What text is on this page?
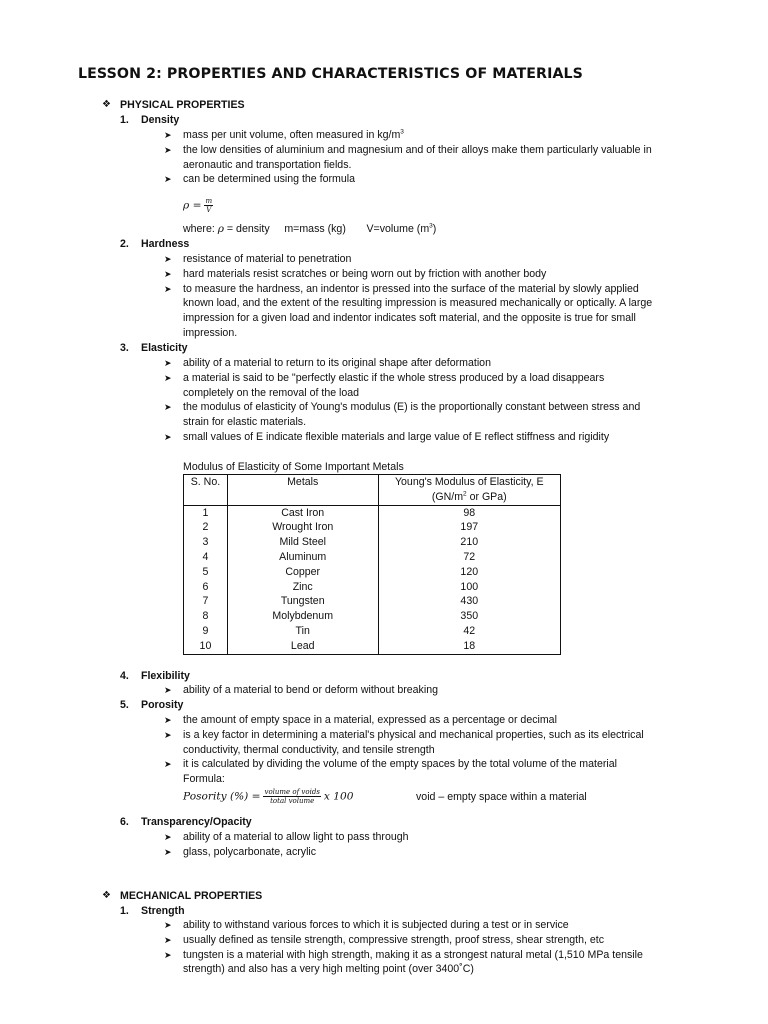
LESSON 2: PROPERTIES AND CHARACTERISTICS OF MATERIALS
❖ PHYSICAL PROPERTIES
1. Density
➤ mass per unit volume, often measured in $kg/m^3$
➤ the low densities of aluminium and magnesium and of their alloys make them particularly valuable in
aeronautic and transportation fields.
➤ can be determined using the formula
$\rho = \frac{m}{V}$
where: ρ = density     m=mass (kg)       V=volume $(m^3)$
2. Hardness
➤ resistance of material to penetration
➤ hard materials resist scratches or being worn out by friction with another body
➤ to measure the hardness, an indentor is pressed into the surface of the material by slowly applied
known load, and the extent of the resulting impression is measured mechanically or optically. A large
impression for a given load and indentor indicates soft material, and the opposite is true for small
impression.
3. Elasticity
➤ ability of a material to return to its original shape after deformation
➤ a material is said to be "perfectly elastic if the whole stress produced by a load disappears
completely on the removal of the load
➤ the modulus of elasticity of Young's modulus (E) is the proportionally constant between stress and
strain for elastic materials.
➤ small values of E indicate flexible materials and large value of E reflect stiffness and rigidity
Modulus of Elasticity of Some Important Metals
S. No.	Metals	Young's Modulus of Elasticity, E
($GN/m^2$ or GPa)
1	Cast Iron	98
2	Wrought Iron	197
3	Mild Steel	210
4	Aluminum	72
5	Copper	120
6	Zinc	100
7	Tungsten	430
8	Molybdenum	350
9	Tin	42
10	Lead	18
4. Flexibility
➤ ability of a material to bend or deform without breaking
5. Porosity
➤ the amount of empty space in a material, expressed as a percentage or decimal
➤ is a key factor in determining a material's physical and mechanical properties, such as its electrical
conductivity, thermal conductivity, and tensile strength
➤ it is calculated by dividing the volume of the empty spaces by the total volume of the material
Formula:
Posority (%) = $\frac{\text{volume of voids}}{\text{total volume}}$ x 100	void – empty space within a material
6. Transparency/Opacity
➤ ability of a material to allow light to pass through
➤ glass, polycarbonate, acrylic
❖ MECHANICAL PROPERTIES
1. Strength
➤ ability to withstand various forces to which it is subjected during a test or in service
➤ usually defined as tensile strength, compressive strength, proof stress, shear strength, etc
➤ tungsten is a material with high strength, making it as a strongest natural metal (1,510 MPa tensile
strength) and also has a very high melting point (over 3400˚C)
